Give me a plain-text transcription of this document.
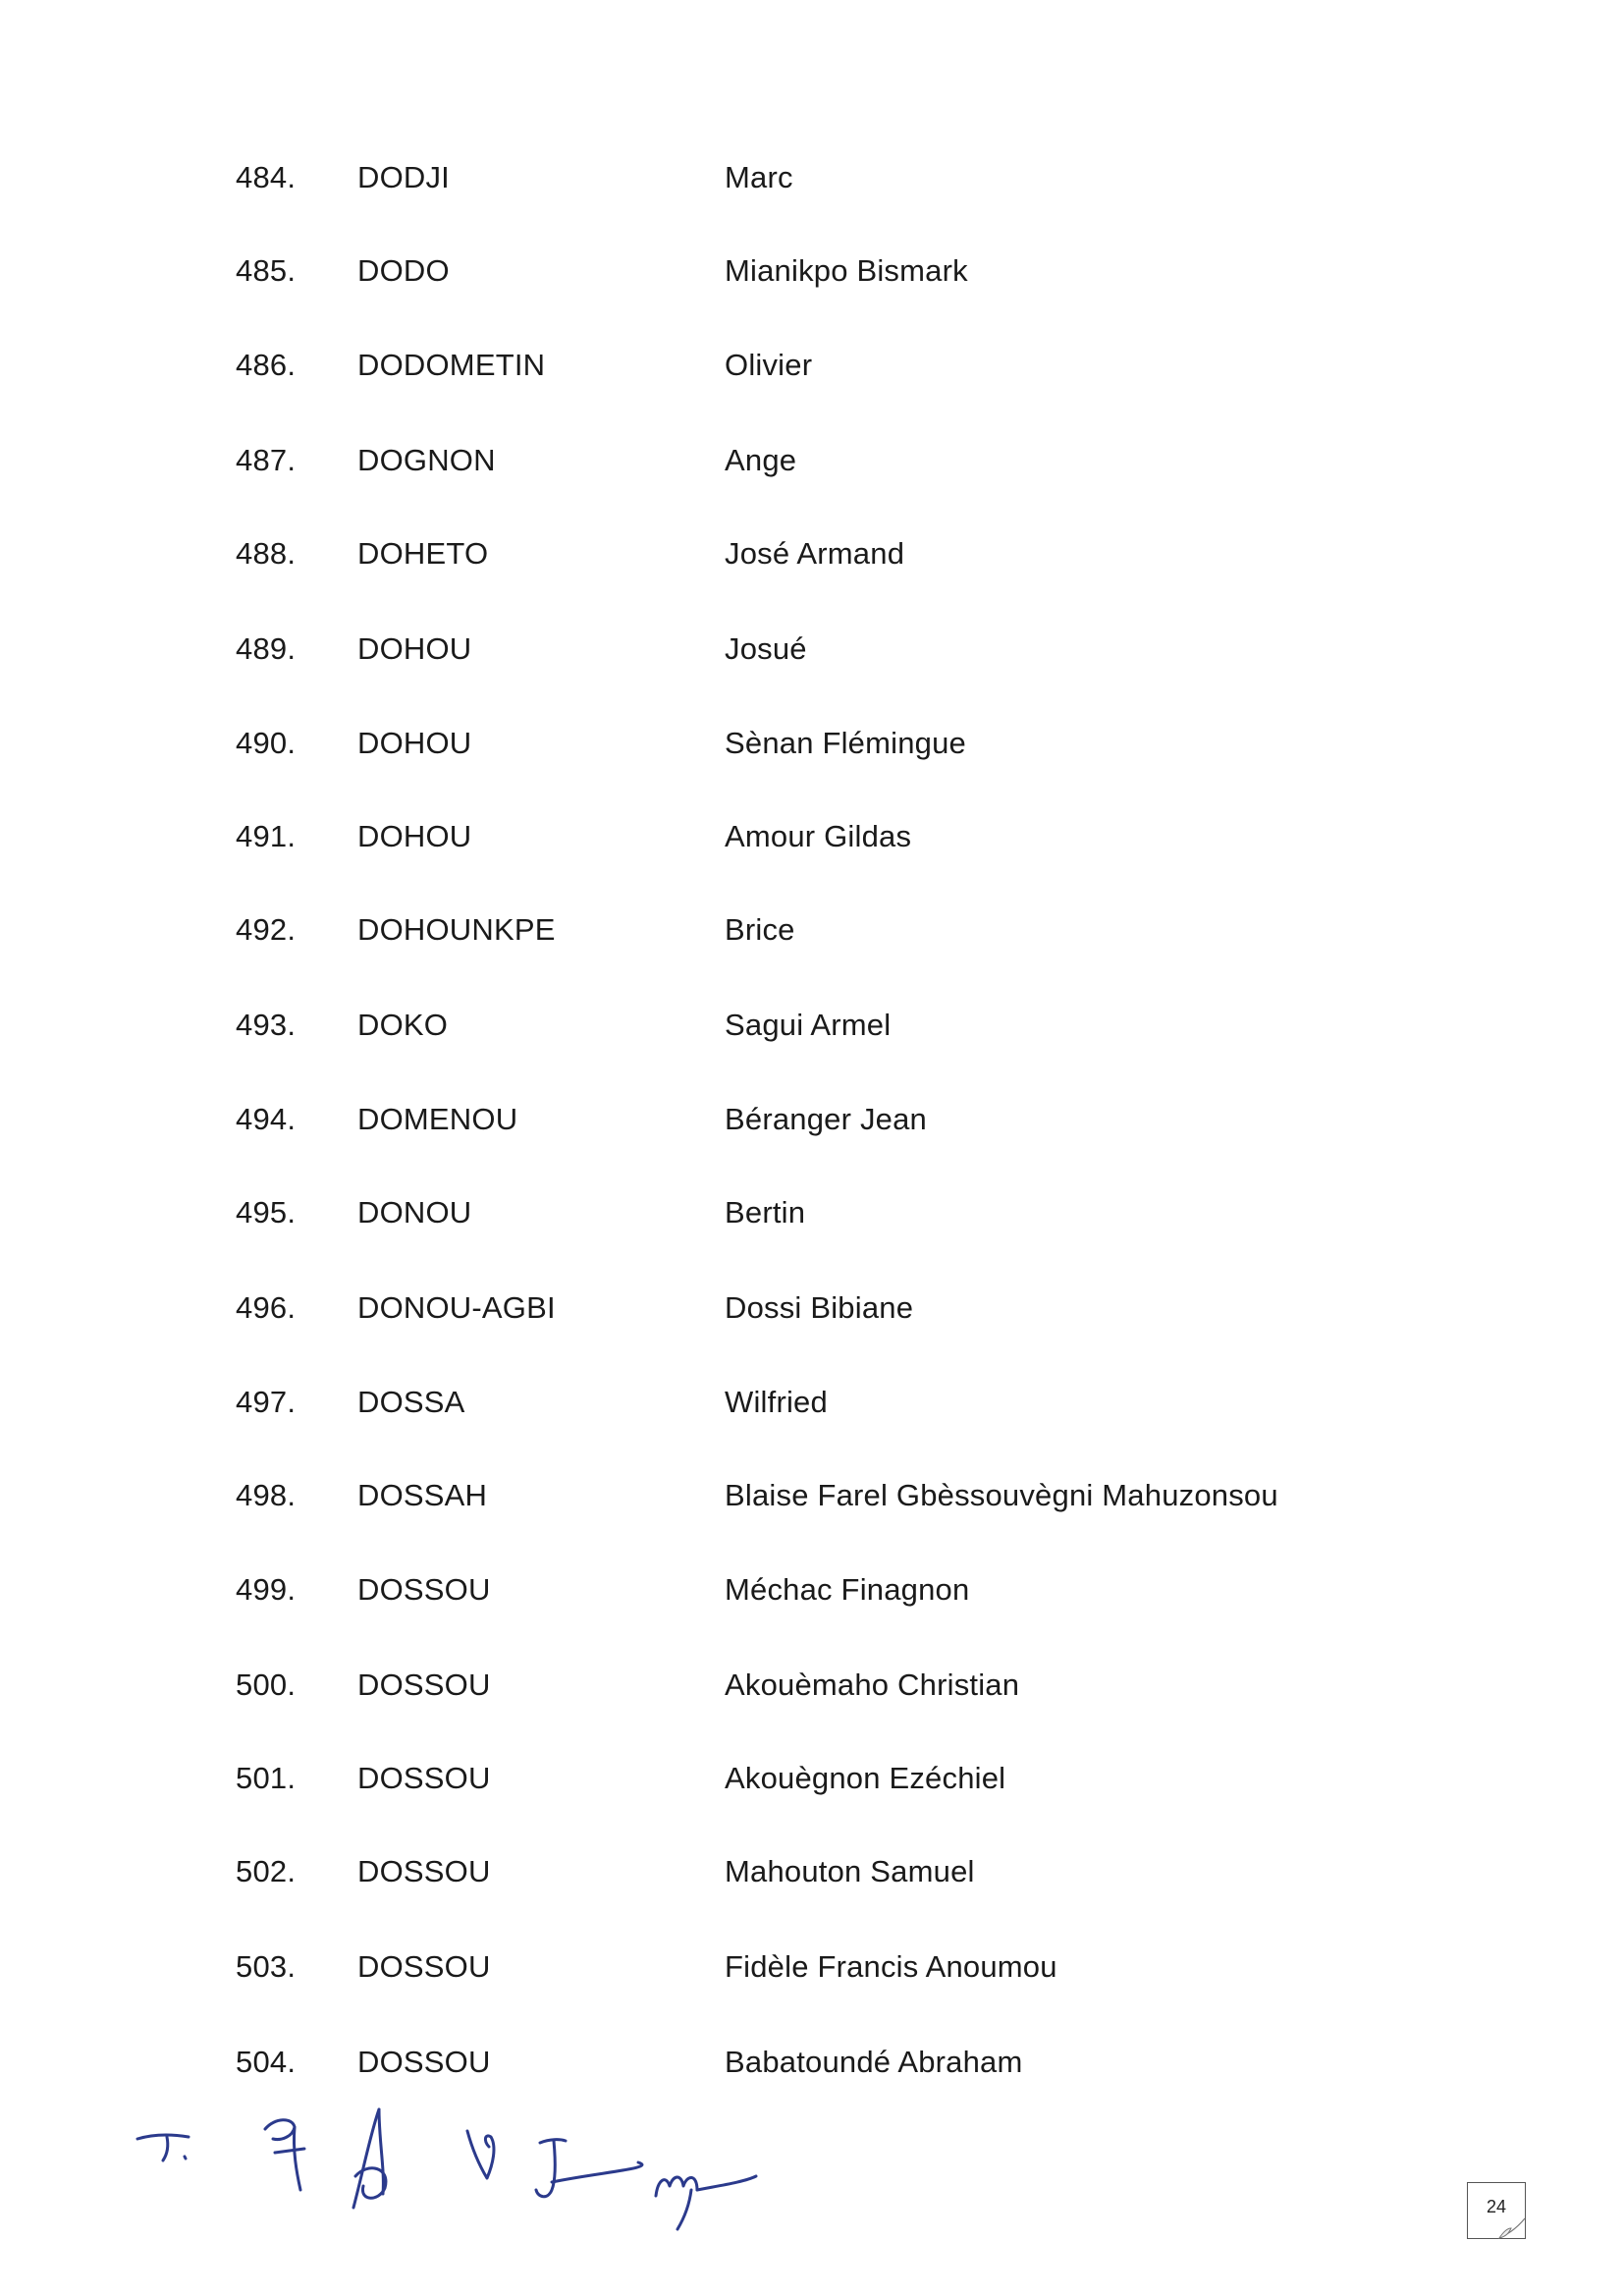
484. DODJI	Marc
485. DODO	Mianikpo Bismark
486. DODOMETIN	Olivier
487. DOGNON	Ange
488. DOHETO	José Armand
489. DOHOU	Josué
490. DOHOU	Sènan Flémingue
491. DOHOU	Amour Gildas
492. DOHOUNKPE	Brice
493. DOKO	Sagui Armel
494. DOMENOU	Béranger Jean
495. DONOU	Bertin
496. DONOU-AGBI	Dossi Bibiane
497. DOSSA	Wilfried
498. DOSSAH	Blaise Farel Gbèssouvègni Mahuzonsou
499. DOSSOU	Méchac Finagnon
500. DOSSOU	Akouèmaho Christian
501. DOSSOU	Akouègnon Ezéchiel
502. DOSSOU	Mahouton Samuel
503. DOSSOU	Fidèle Francis Anoumou
504. DOSSOU	Babatoundé Abraham
24
